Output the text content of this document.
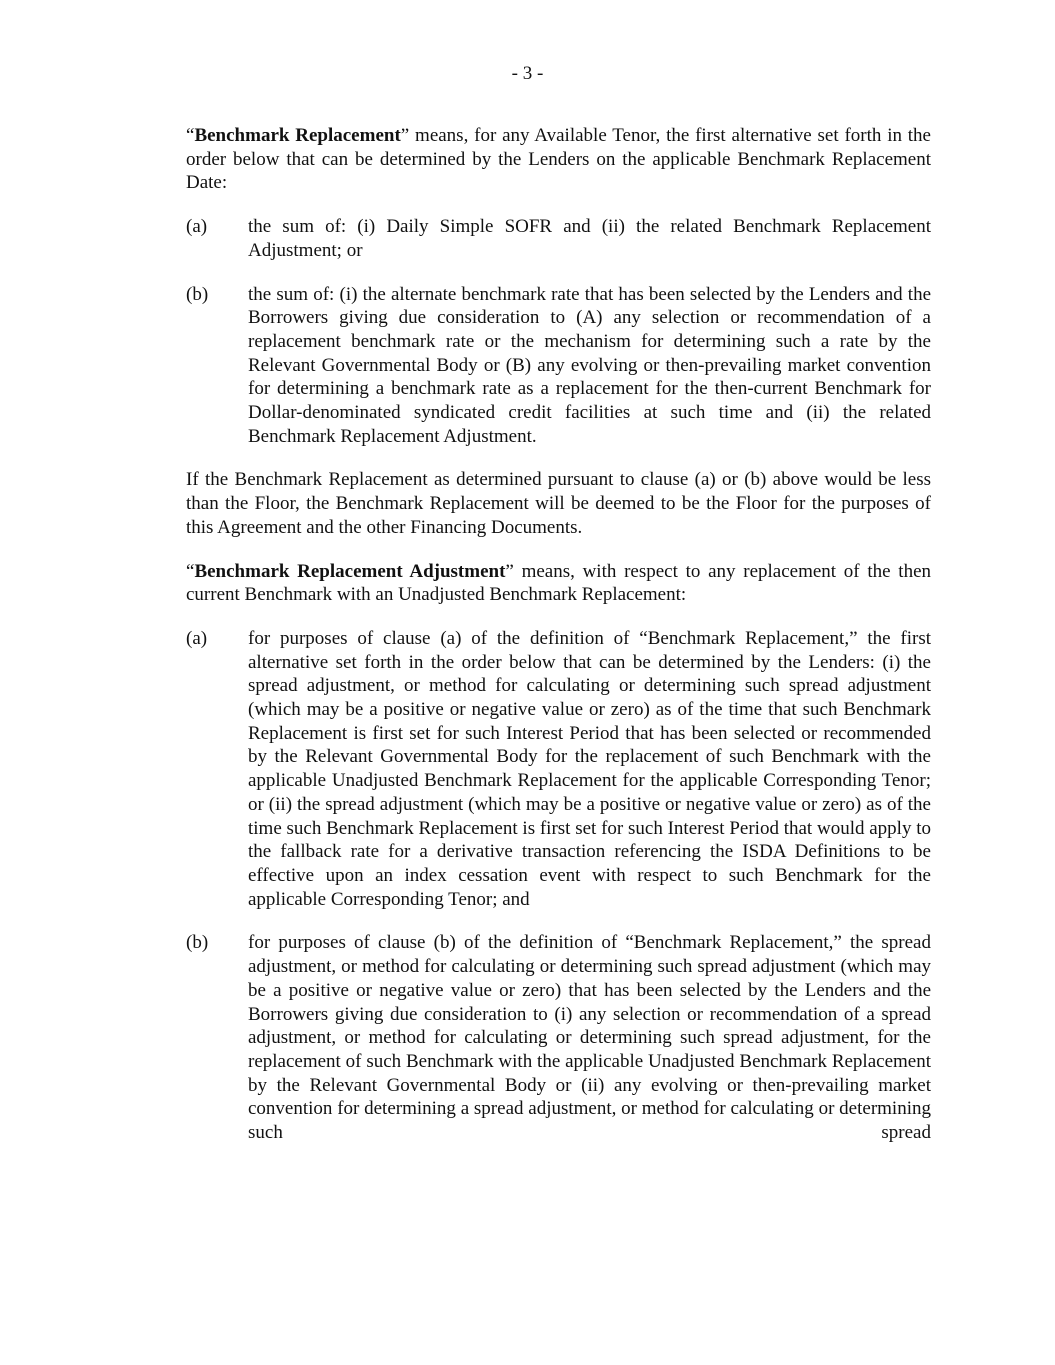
- 3 -

“Benchmark Replacement” means, for any Available Tenor, the first alternative set forth in the order below that can be determined by the Lenders on the applicable Benchmark Replacement Date:

(a)	the sum of: (i) Daily Simple SOFR and (ii) the related Benchmark Replacement Adjustment; or
(b)	the sum of: (i) the alternate benchmark rate that has been selected by the Lenders and the Borrowers giving due consideration to (A) any selection or recommendation of a replacement benchmark rate or the mechanism for determining such a rate by the Relevant Governmental Body or (B) any evolving or then-prevailing market convention for determining a benchmark rate as a replacement for the then-current Benchmark for Dollar-denominated syndicated credit facilities at such time and (ii) the related Benchmark Replacement Adjustment.

If the Benchmark Replacement as determined pursuant to clause (a) or (b) above would be less than the Floor, the Benchmark Replacement will be deemed to be the Floor for the purposes of this Agreement and the other Financing Documents.

“Benchmark Replacement Adjustment” means, with respect to any replacement of the then current Benchmark with an Unadjusted Benchmark Replacement:

(a)	for purposes of clause (a) of the definition of “Benchmark Replacement,” the first alternative set forth in the order below that can be determined by the Lenders: (i) the spread adjustment, or method for calculating or determining such spread adjustment (which may be a positive or negative value or zero) as of the time that such Benchmark Replacement is first set for such Interest Period that has been selected or recommended by the Relevant Governmental Body for the replacement of such Benchmark with the applicable Unadjusted Benchmark Replacement for the applicable Corresponding Tenor; or (ii) the spread adjustment (which may be a positive or negative value or zero) as of the time such Benchmark Replacement is first set for such Interest Period that would apply to the fallback rate for a derivative transaction referencing the ISDA Definitions to be effective upon an index cessation event with respect to such Benchmark for the applicable Corresponding Tenor; and
(b)	for purposes of clause (b) of the definition of “Benchmark Replacement,” the spread adjustment, or method for calculating or determining such spread adjustment (which may be a positive or negative value or zero) that has been selected by the Lenders and the Borrowers giving due consideration to (i) any selection or recommendation of a spread adjustment, or method for calculating or determining such spread adjustment, for the replacement of such Benchmark with the applicable Unadjusted Benchmark Replacement by the Relevant Governmental Body or (ii) any evolving or then-prevailing market convention for determining a spread adjustment, or method for calculating or determining such spread
